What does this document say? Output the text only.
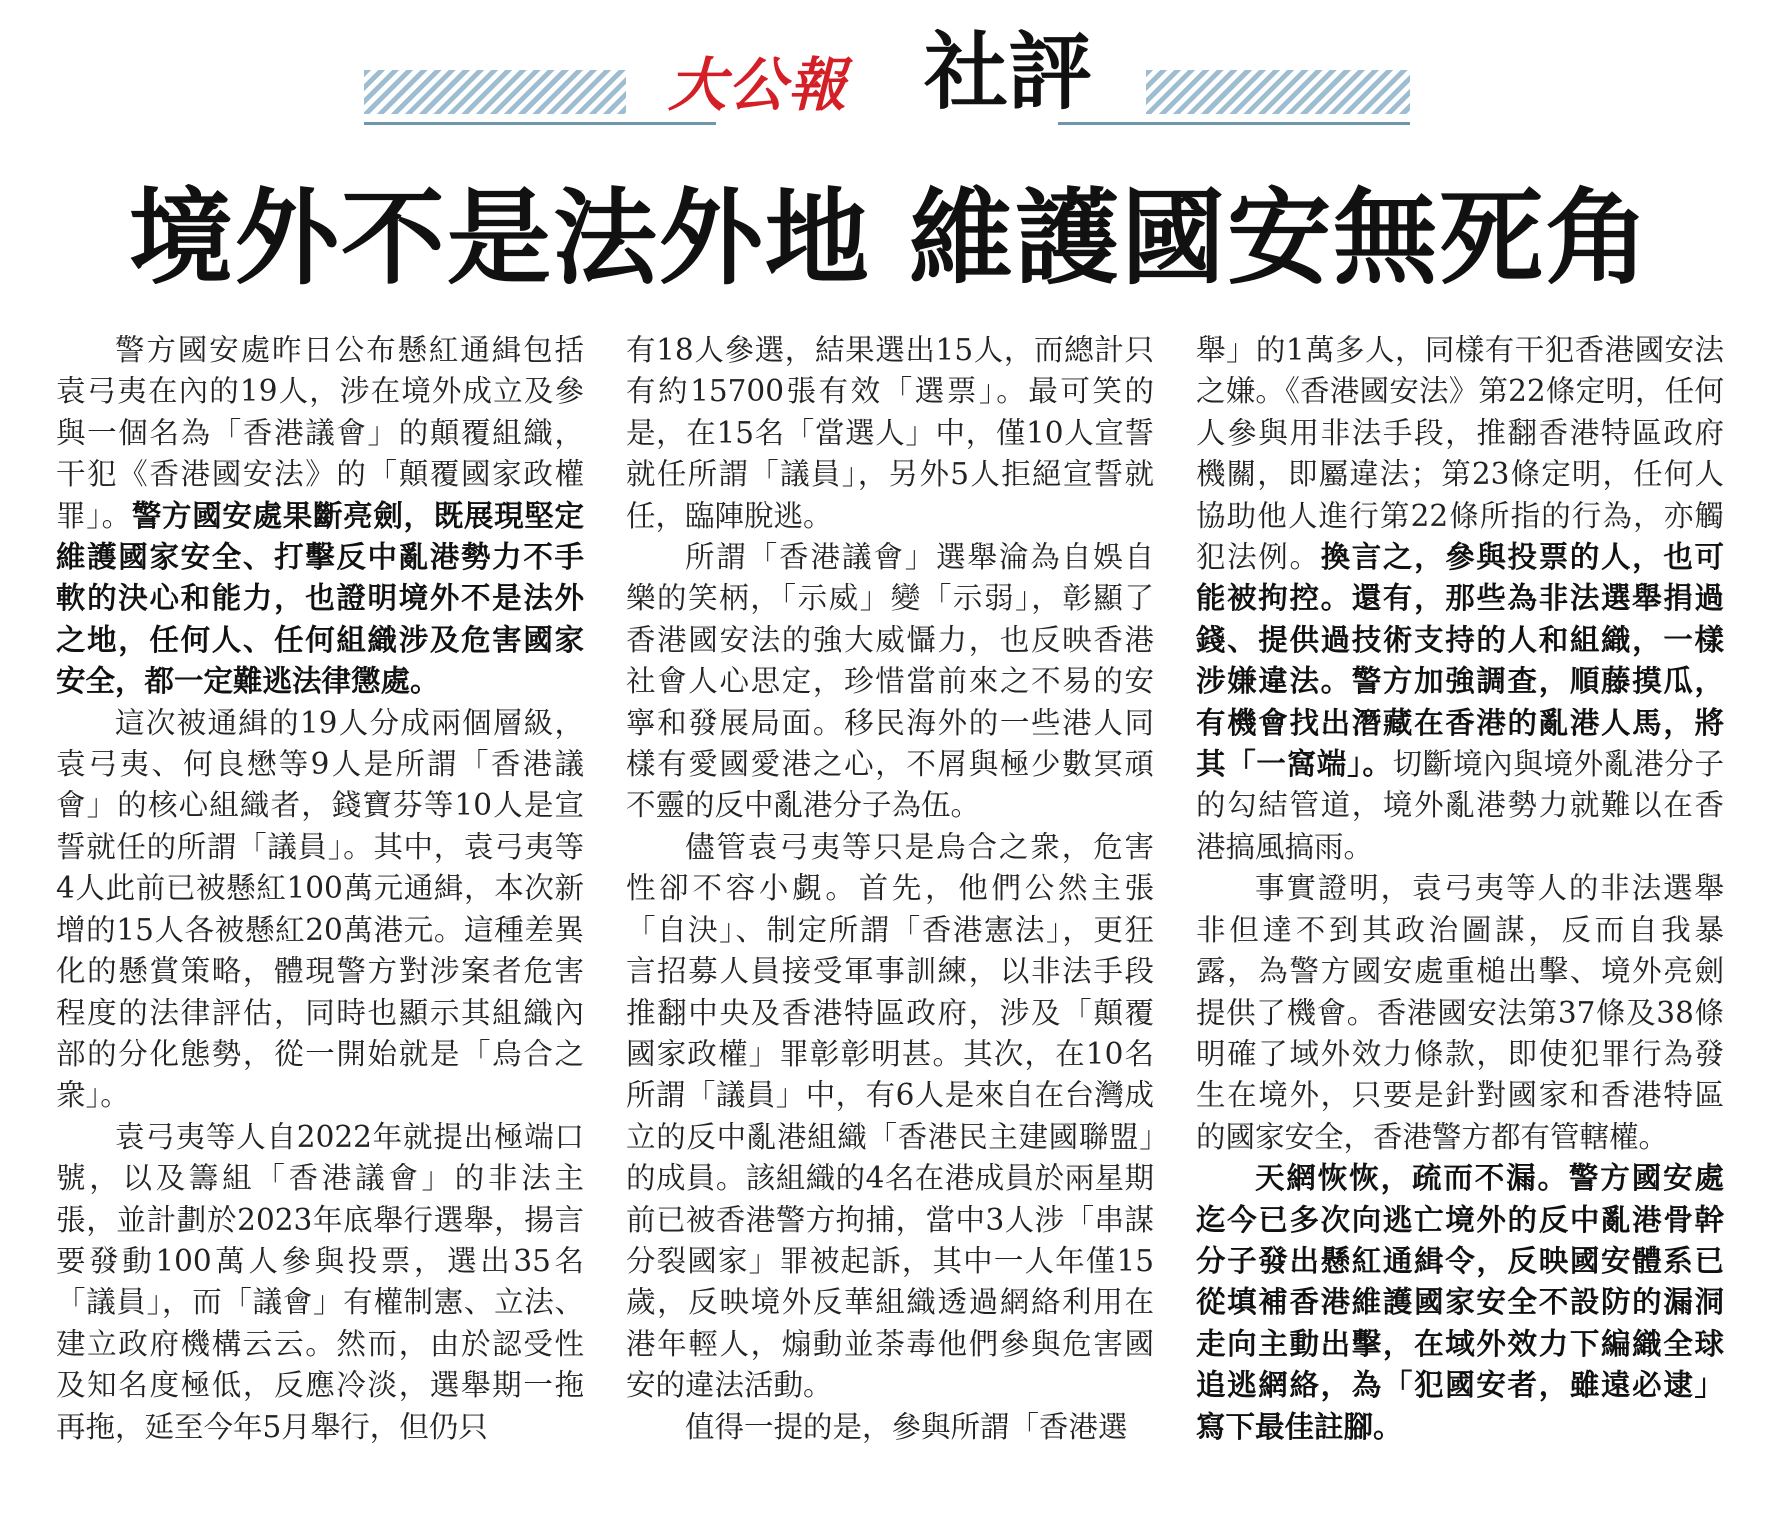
大公報 社評
境外不是法外地 維護國安無死角

警方國安處昨日公布懸紅通緝包括袁弓夷在內的19人，涉在境外成立及參與一個名為「香港議會」的顛覆組織，干犯《香港國安法》的「顛覆國家政權罪」。警方國安處果斷亮劍，既展現堅定維護國家安全、打擊反中亂港勢力不手軟的決心和能力，也證明境外不是法外之地，任何人、任何組織涉及危害國家安全，都一定難逃法律懲處。

這次被通緝的19人分成兩個層級，袁弓夷、何良懋等9人是所謂「香港議會」的核心組織者，錢寶芬等10人是宣誓就任的所謂「議員」。其中，袁弓夷等4人此前已被懸紅100萬元通緝，本次新增的15人各被懸紅20萬港元。這種差異化的懸賞策略，體現警方對涉案者危害程度的法律評估，同時也顯示其組織內部的分化態勢，從一開始就是「烏合之衆」。

袁弓夷等人自2022年就提出極端口號，以及籌組「香港議會」的非法主張，並計劃於2023年底舉行選舉，揚言要發動100萬人參與投票，選出35名「議員」，而「議會」有權制憲、立法、建立政府機構云云。然而，由於認受性及知名度極低，反應冷淡，選舉期一拖再拖，延至今年5月舉行，但仍只

有18人參選，結果選出15人，而總計只有約15700張有效「選票」。最可笑的是，在15名「當選人」中，僅10人宣誓就任所謂「議員」，另外5人拒絕宣誓就任，臨陣脫逃。

所謂「香港議會」選舉淪為自娛自樂的笑柄，「示威」變「示弱」，彰顯了香港國安法的強大威懾力，也反映香港社會人心思定，珍惜當前來之不易的安寧和發展局面。移民海外的一些港人同樣有愛國愛港之心，不屑與極少數冥頑不靈的反中亂港分子為伍。

儘管袁弓夷等只是烏合之衆，危害性卻不容小覷。首先，他們公然主張「自決」、制定所謂「香港憲法」，更狂言招募人員接受軍事訓練，以非法手段推翻中央及香港特區政府，涉及「顛覆國家政權」罪彰彰明甚。其次，在10名所謂「議員」中，有6人是來自在台灣成立的反中亂港組織「香港民主建國聯盟」的成員。該組織的4名在港成員於兩星期前已被香港警方拘捕，當中3人涉「串謀分裂國家」罪被起訴，其中一人年僅15歲，反映境外反華組織透過網絡利用在港年輕人，煽動並荼毒他們參與危害國安的違法活動。

值得一提的是，參與所謂「香港選

舉」的1萬多人，同樣有干犯香港國安法之嫌。《香港國安法》第22條定明，任何人參與用非法手段，推翻香港特區政府機關，即屬違法；第23條定明，任何人協助他人進行第22條所指的行為，亦觸犯法例。換言之，參與投票的人，也可能被拘控。還有，那些為非法選舉捐過錢、提供過技術支持的人和組織，一樣涉嫌違法。警方加強調查，順藤摸瓜，有機會找出潛藏在香港的亂港人馬，將其「一窩端」。切斷境內與境外亂港分子的勾結管道，境外亂港勢力就難以在香港搞風搞雨。

事實證明，袁弓夷等人的非法選舉非但達不到其政治圖謀，反而自我暴露，為警方國安處重槌出擊、境外亮劍提供了機會。香港國安法第37條及38條明確了域外效力條款，即使犯罪行為發生在境外，只要是針對國家和香港特區的國家安全，香港警方都有管轄權。

天網恢恢，疏而不漏。警方國安處迄今已多次向逃亡境外的反中亂港骨幹分子發出懸紅通緝令，反映國安體系已從填補香港維護國家安全不設防的漏洞走向主動出擊，在域外效力下編織全球追逃網絡，為「犯國安者，雖遠必逮」寫下最佳註腳。
